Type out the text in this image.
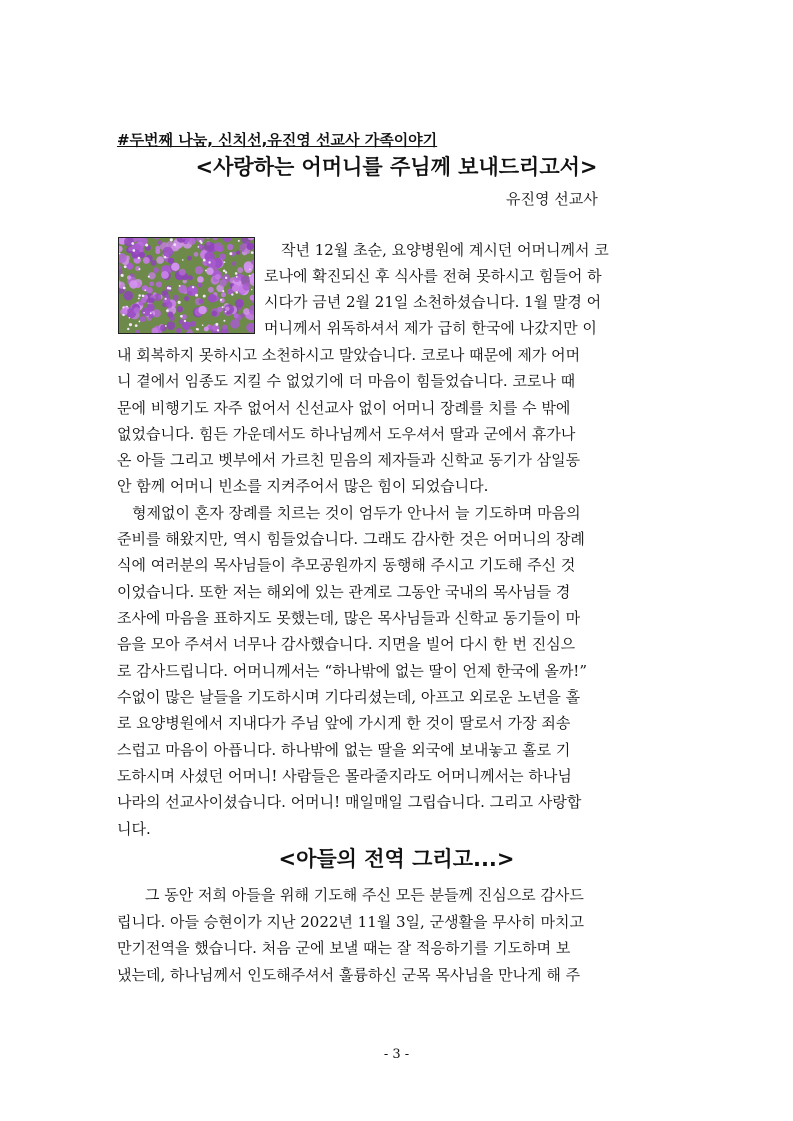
#두번째 나눔, 신치선,유진영 선교사 가족이야기
<사랑하는 어머니를 주님께 보내드리고서>
유진영 선교사
작년 12월 초순, 요양병원에 계시던 어머니께서 코
로나에 확진되신 후 식사를 전혀 못하시고 힘들어 하
시다가 금년 2월 21일 소천하셨습니다. 1월 말경 어
머니께서 위독하셔서 제가 급히 한국에 나갔지만 이
내 회복하지 못하시고 소천하시고 말았습니다. 코로나 때문에 제가 어머
니 곁에서 임종도 지킬 수 없었기에 더 마음이 힘들었습니다. 코로나 때
문에 비행기도 자주 없어서 신선교사 없이 어머니 장례를 치를 수 밖에
없었습니다. 힘든 가운데서도 하나님께서 도우셔서 딸과 군에서 휴가나
온 아들 그리고 벳부에서 가르친 믿음의 제자들과 신학교 동기가 삼일동
안 함께 어머니 빈소를 지켜주어서 많은 힘이 되었습니다.
형제없이 혼자 장례를 치르는 것이 엄두가 안나서 늘 기도하며 마음의
준비를 해왔지만, 역시 힘들었습니다. 그래도 감사한 것은 어머니의 장례
식에 여러분의 목사님들이 추모공원까지 동행해 주시고 기도해 주신 것
이었습니다. 또한 저는 해외에 있는 관계로 그동안 국내의 목사님들 경
조사에 마음을 표하지도 못했는데, 많은 목사님들과 신학교 동기들이 마
음을 모아 주셔서 너무나 감사했습니다. 지면을 빌어 다시 한 번 진심으
로 감사드립니다. 어머니께서는 “하나밖에 없는 딸이 언제 한국에 올까!”
수없이 많은 날들을 기도하시며 기다리셨는데, 아프고 외로운 노년을 홀
로 요양병원에서 지내다가 주님 앞에 가시게 한 것이 딸로서 가장 죄송
스럽고 마음이 아픕니다. 하나밖에 없는 딸을 외국에 보내놓고 홀로 기
도하시며 사셨던 어머니! 사람들은 몰라줄지라도 어머니께서는 하나님
나라의 선교사이셨습니다. 어머니! 매일매일 그립습니다. 그리고 사랑합
니다.
<아들의 전역 그리고...>
그 동안 저희 아들을 위해 기도해 주신 모든 분들께 진심으로 감사드
립니다. 아들 승현이가 지난 2022년 11월 3일, 군생활을 무사히 마치고
만기전역을 했습니다. 처음 군에 보낼 때는 잘 적응하기를 기도하며 보
냈는데, 하나님께서 인도해주셔서 훌륭하신 군목 목사님을 만나게 해 주
- 3 -
